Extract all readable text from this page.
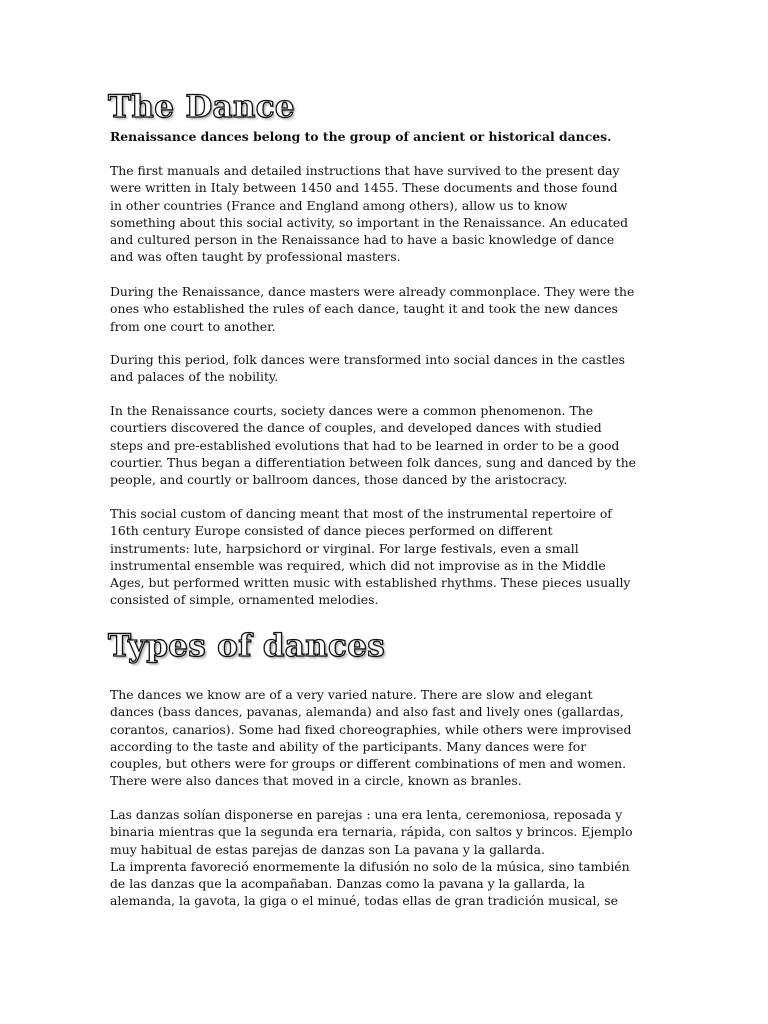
The Dance

Renaissance dances belong to the group of ancient or historical dances.

The first manuals and detailed instructions that have survived to the present day
were written in Italy between 1450 and 1455. These documents and those found
in other countries (France and England among others), allow us to know
something about this social activity, so important in the Renaissance. An educated
and cultured person in the Renaissance had to have a basic knowledge of dance
and was often taught by professional masters.

During the Renaissance, dance masters were already commonplace. They were the
ones who established the rules of each dance, taught it and took the new dances
from one court to another.

During this period, folk dances were transformed into social dances in the castles
and palaces of the nobility.

In the Renaissance courts, society dances were a common phenomenon. The
courtiers discovered the dance of couples, and developed dances with studied
steps and pre-established evolutions that had to be learned in order to be a good
courtier. Thus began a differentiation between folk dances, sung and danced by the
people, and courtly or ballroom dances, those danced by the aristocracy.

This social custom of dancing meant that most of the instrumental repertoire of
16th century Europe consisted of dance pieces performed on different
instruments: lute, harpsichord or virginal. For large festivals, even a small
instrumental ensemble was required, which did not improvise as in the Middle
Ages, but performed written music with established rhythms. These pieces usually
consisted of simple, ornamented melodies.

Types of dances

The dances we know are of a very varied nature. There are slow and elegant
dances (bass dances, pavanas, alemanda) and also fast and lively ones (gallardas,
corantos, canarios). Some had fixed choreographies, while others were improvised
according to the taste and ability of the participants. Many dances were for
couples, but others were for groups or different combinations of men and women.
There were also dances that moved in a circle, known as branles.

Las danzas solían disponerse en parejas : una era lenta, ceremoniosa, reposada y
binaria mientras que la segunda era ternaria, rápida, con saltos y brincos. Ejemplo
muy habitual de estas parejas de danzas son La pavana y la gallarda.
La imprenta favoreció enormemente la difusión no solo de la música, sino también
de las danzas que la acompañaban. Danzas como la pavana y la gallarda, la
alemanda, la gavota, la giga o el minué, todas ellas de gran tradición musical, se
